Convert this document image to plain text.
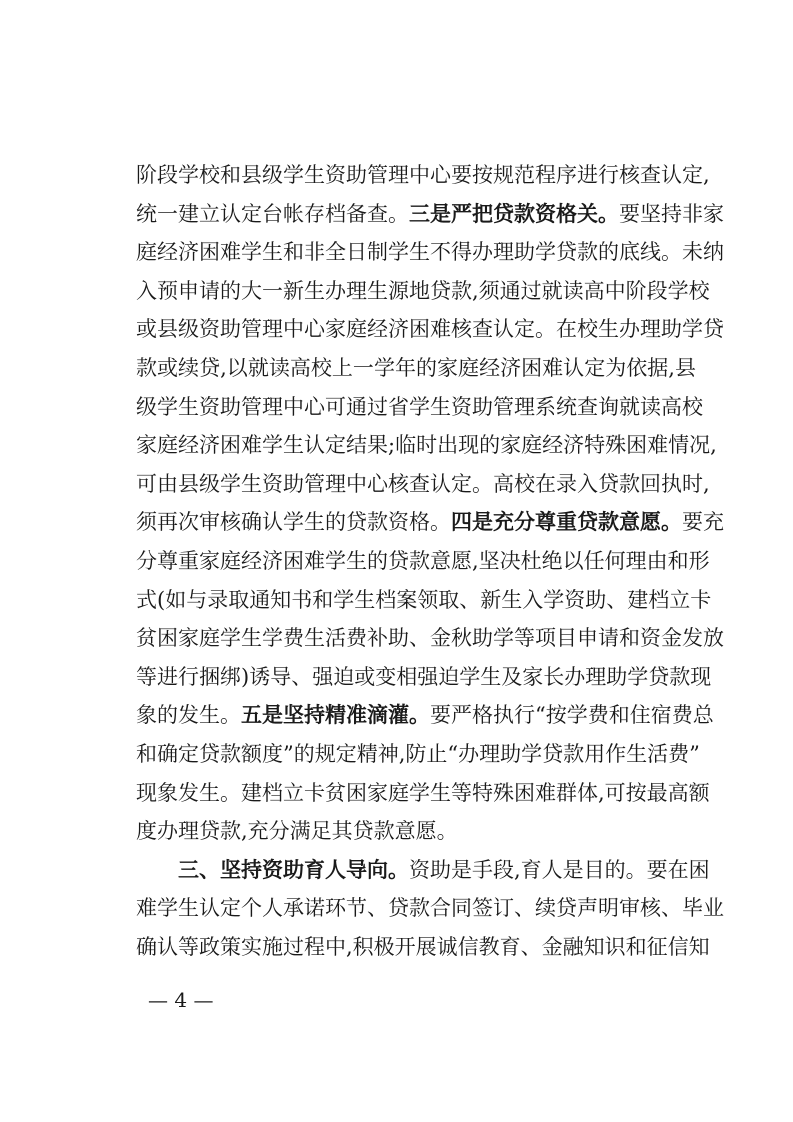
阶段学校和县级学生资助管理中心要按规范程序进行核查认定,
统一建立认定台帐存档备查。三是严把贷款资格关。要坚持非家
庭经济困难学生和非全日制学生不得办理助学贷款的底线。未纳
入预申请的大一新生办理生源地贷款,须通过就读高中阶段学校
或县级资助管理中心家庭经济困难核查认定。在校生办理助学贷
款或续贷,以就读高校上一学年的家庭经济困难认定为依据,县
级学生资助管理中心可通过省学生资助管理系统查询就读高校
家庭经济困难学生认定结果;临时出现的家庭经济特殊困难情况,
可由县级学生资助管理中心核查认定。高校在录入贷款回执时,
须再次审核确认学生的贷款资格。四是充分尊重贷款意愿。要充
分尊重家庭经济困难学生的贷款意愿,坚决杜绝以任何理由和形
式(如与录取通知书和学生档案领取、新生入学资助、建档立卡
贫困家庭学生学费生活费补助、金秋助学等项目申请和资金发放
等进行捆绑)诱导、强迫或变相强迫学生及家长办理助学贷款现
象的发生。五是坚持精准滴灌。要严格执行“按学费和住宿费总
和确定贷款额度”的规定精神,防止“办理助学贷款用作生活费”
现象发生。建档立卡贫困家庭学生等特殊困难群体,可按最高额
度办理贷款,充分满足其贷款意愿。
三、坚持资助育人导向。资助是手段,育人是目的。要在困
难学生认定个人承诺环节、贷款合同签订、续贷声明审核、毕业
确认等政策实施过程中,积极开展诚信教育、金融知识和征信知
— 4 —
